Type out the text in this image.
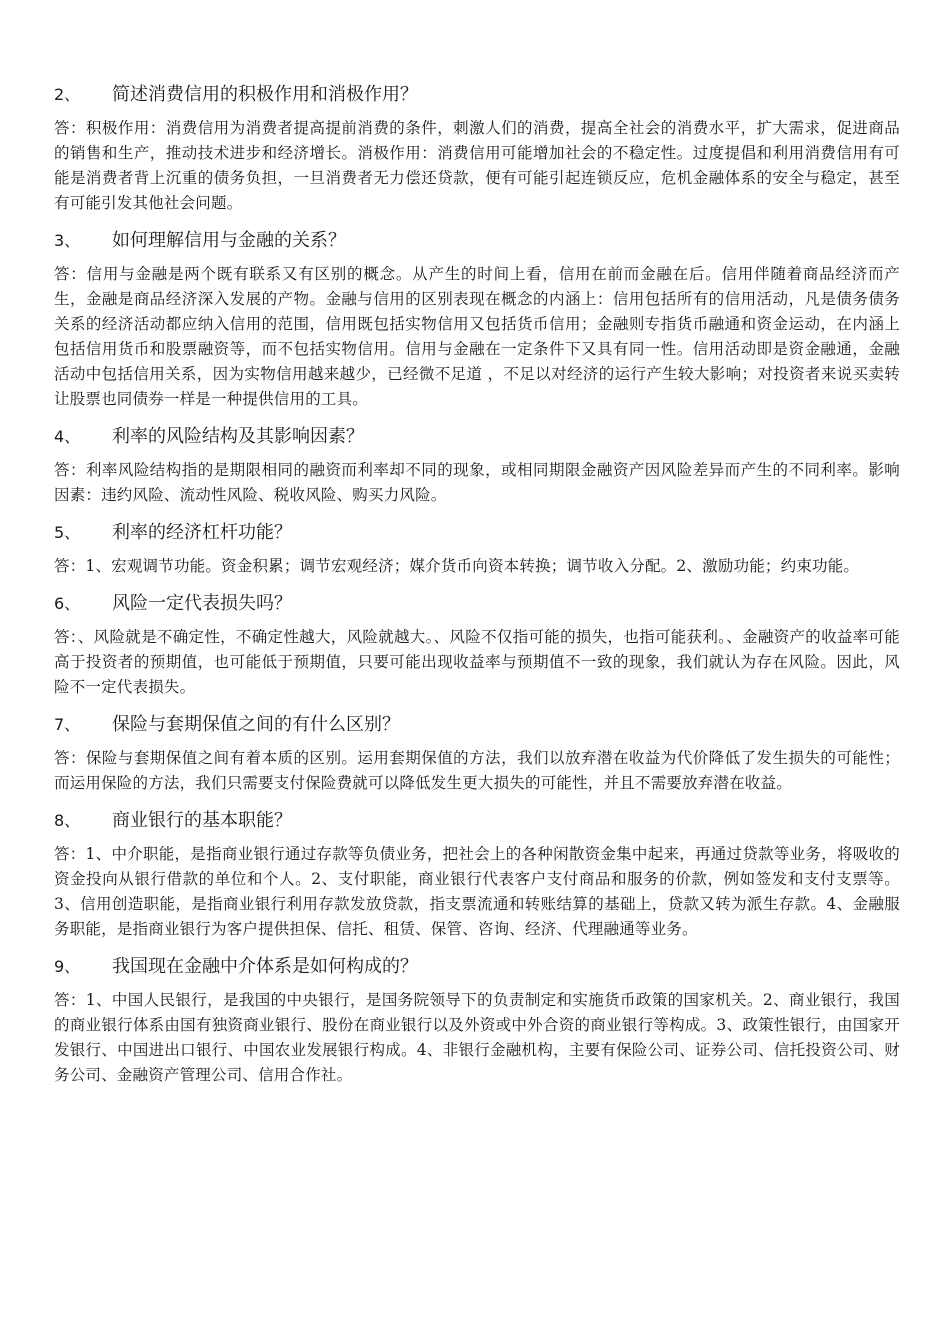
2、	简述消费信用的积极作用和消极作用？

答：积极作用：消费信用为消费者提高提前消费的条件，刺激人们的消费，提高全社会的消费水平，扩大需求，促进商品的销售和生产，推动技术进步和经济增长。消极作用：消费信用可能增加社会的不稳定性。过度提倡和利用消费信用有可能是消费者背上沉重的债务负担，一旦消费者无力偿还贷款，便有可能引起连锁反应，危机金融体系的安全与稳定，甚至有可能引发其他社会问题。

3、	如何理解信用与金融的关系？

答：信用与金融是两个既有联系又有区别的概念。从产生的时间上看，信用在前而金融在后。信用伴随着商品经济而产生，金融是商品经济深入发展的产物。金融与信用的区别表现在概念的内涵上：信用包括所有的信用活动，凡是债务债务关系的经济活动都应纳入信用的范围，信用既包括实物信用又包括货币信用；金融则专指货币融通和资金运动，在内涵上包括信用货币和股票融资等，而不包括实物信用。信用与金融在一定条件下又具有同一性。信用活动即是资金融通，金融活动中包括信用关系，因为实物信用越来越少，已经微不足道 ，不足以对经济的运行产生较大影响；对投资者来说买卖转让股票也同债券一样是一种提供信用的工具。

4、	利率的风险结构及其影响因素？

答：利率风险结构指的是期限相同的融资而利率却不同的现象，或相同期限金融资产因风险差异而产生的不同利率。影响因素：违约风险、流动性风险、税收风险、购买力风险。

5、	利率的经济杠杆功能？

答：1、宏观调节功能。资金积累；调节宏观经济；媒介货币向资本转换；调节收入分配。2、激励功能；约束功能。

6、	风险一定代表损失吗？

答：、风险就是不确定性，不确定性越大，风险就越大。、风险不仅指可能的损失，也指可能获利。、金融资产的收益率可能高于投资者的预期值，也可能低于预期值，只要可能出现收益率与预期值不一致的现象，我们就认为存在风险。因此，风险不一定代表损失。

7、	保险与套期保值之间的有什么区别？

答：保险与套期保值之间有着本质的区别。运用套期保值的方法，我们以放弃潜在收益为代价降低了发生损失的可能性；而运用保险的方法，我们只需要支付保险费就可以降低发生更大损失的可能性，并且不需要放弃潜在收益。

8、	商业银行的基本职能？

答：1、中介职能，是指商业银行通过存款等负债业务，把社会上的各种闲散资金集中起来，再通过贷款等业务，将吸收的资金投向从银行借款的单位和个人。2、支付职能，商业银行代表客户支付商品和服务的价款，例如签发和支付支票等。3、信用创造职能，是指商业银行利用存款发放贷款，指支票流通和转账结算的基础上，贷款又转为派生存款。4、金融服务职能，是指商业银行为客户提供担保、信托、租赁、保管、咨询、经济、代理融通等业务。

9、	我国现在金融中介体系是如何构成的？

答：1、中国人民银行，是我国的中央银行，是国务院领导下的负责制定和实施货币政策的国家机关。2、商业银行，我国的商业银行体系由国有独资商业银行、股份在商业银行以及外资或中外合资的商业银行等构成。3、政策性银行，由国家开发银行、中国进出口银行、中国农业发展银行构成。4、非银行金融机构，主要有保险公司、证券公司、信托投资公司、财务公司、金融资产管理公司、信用合作社。
